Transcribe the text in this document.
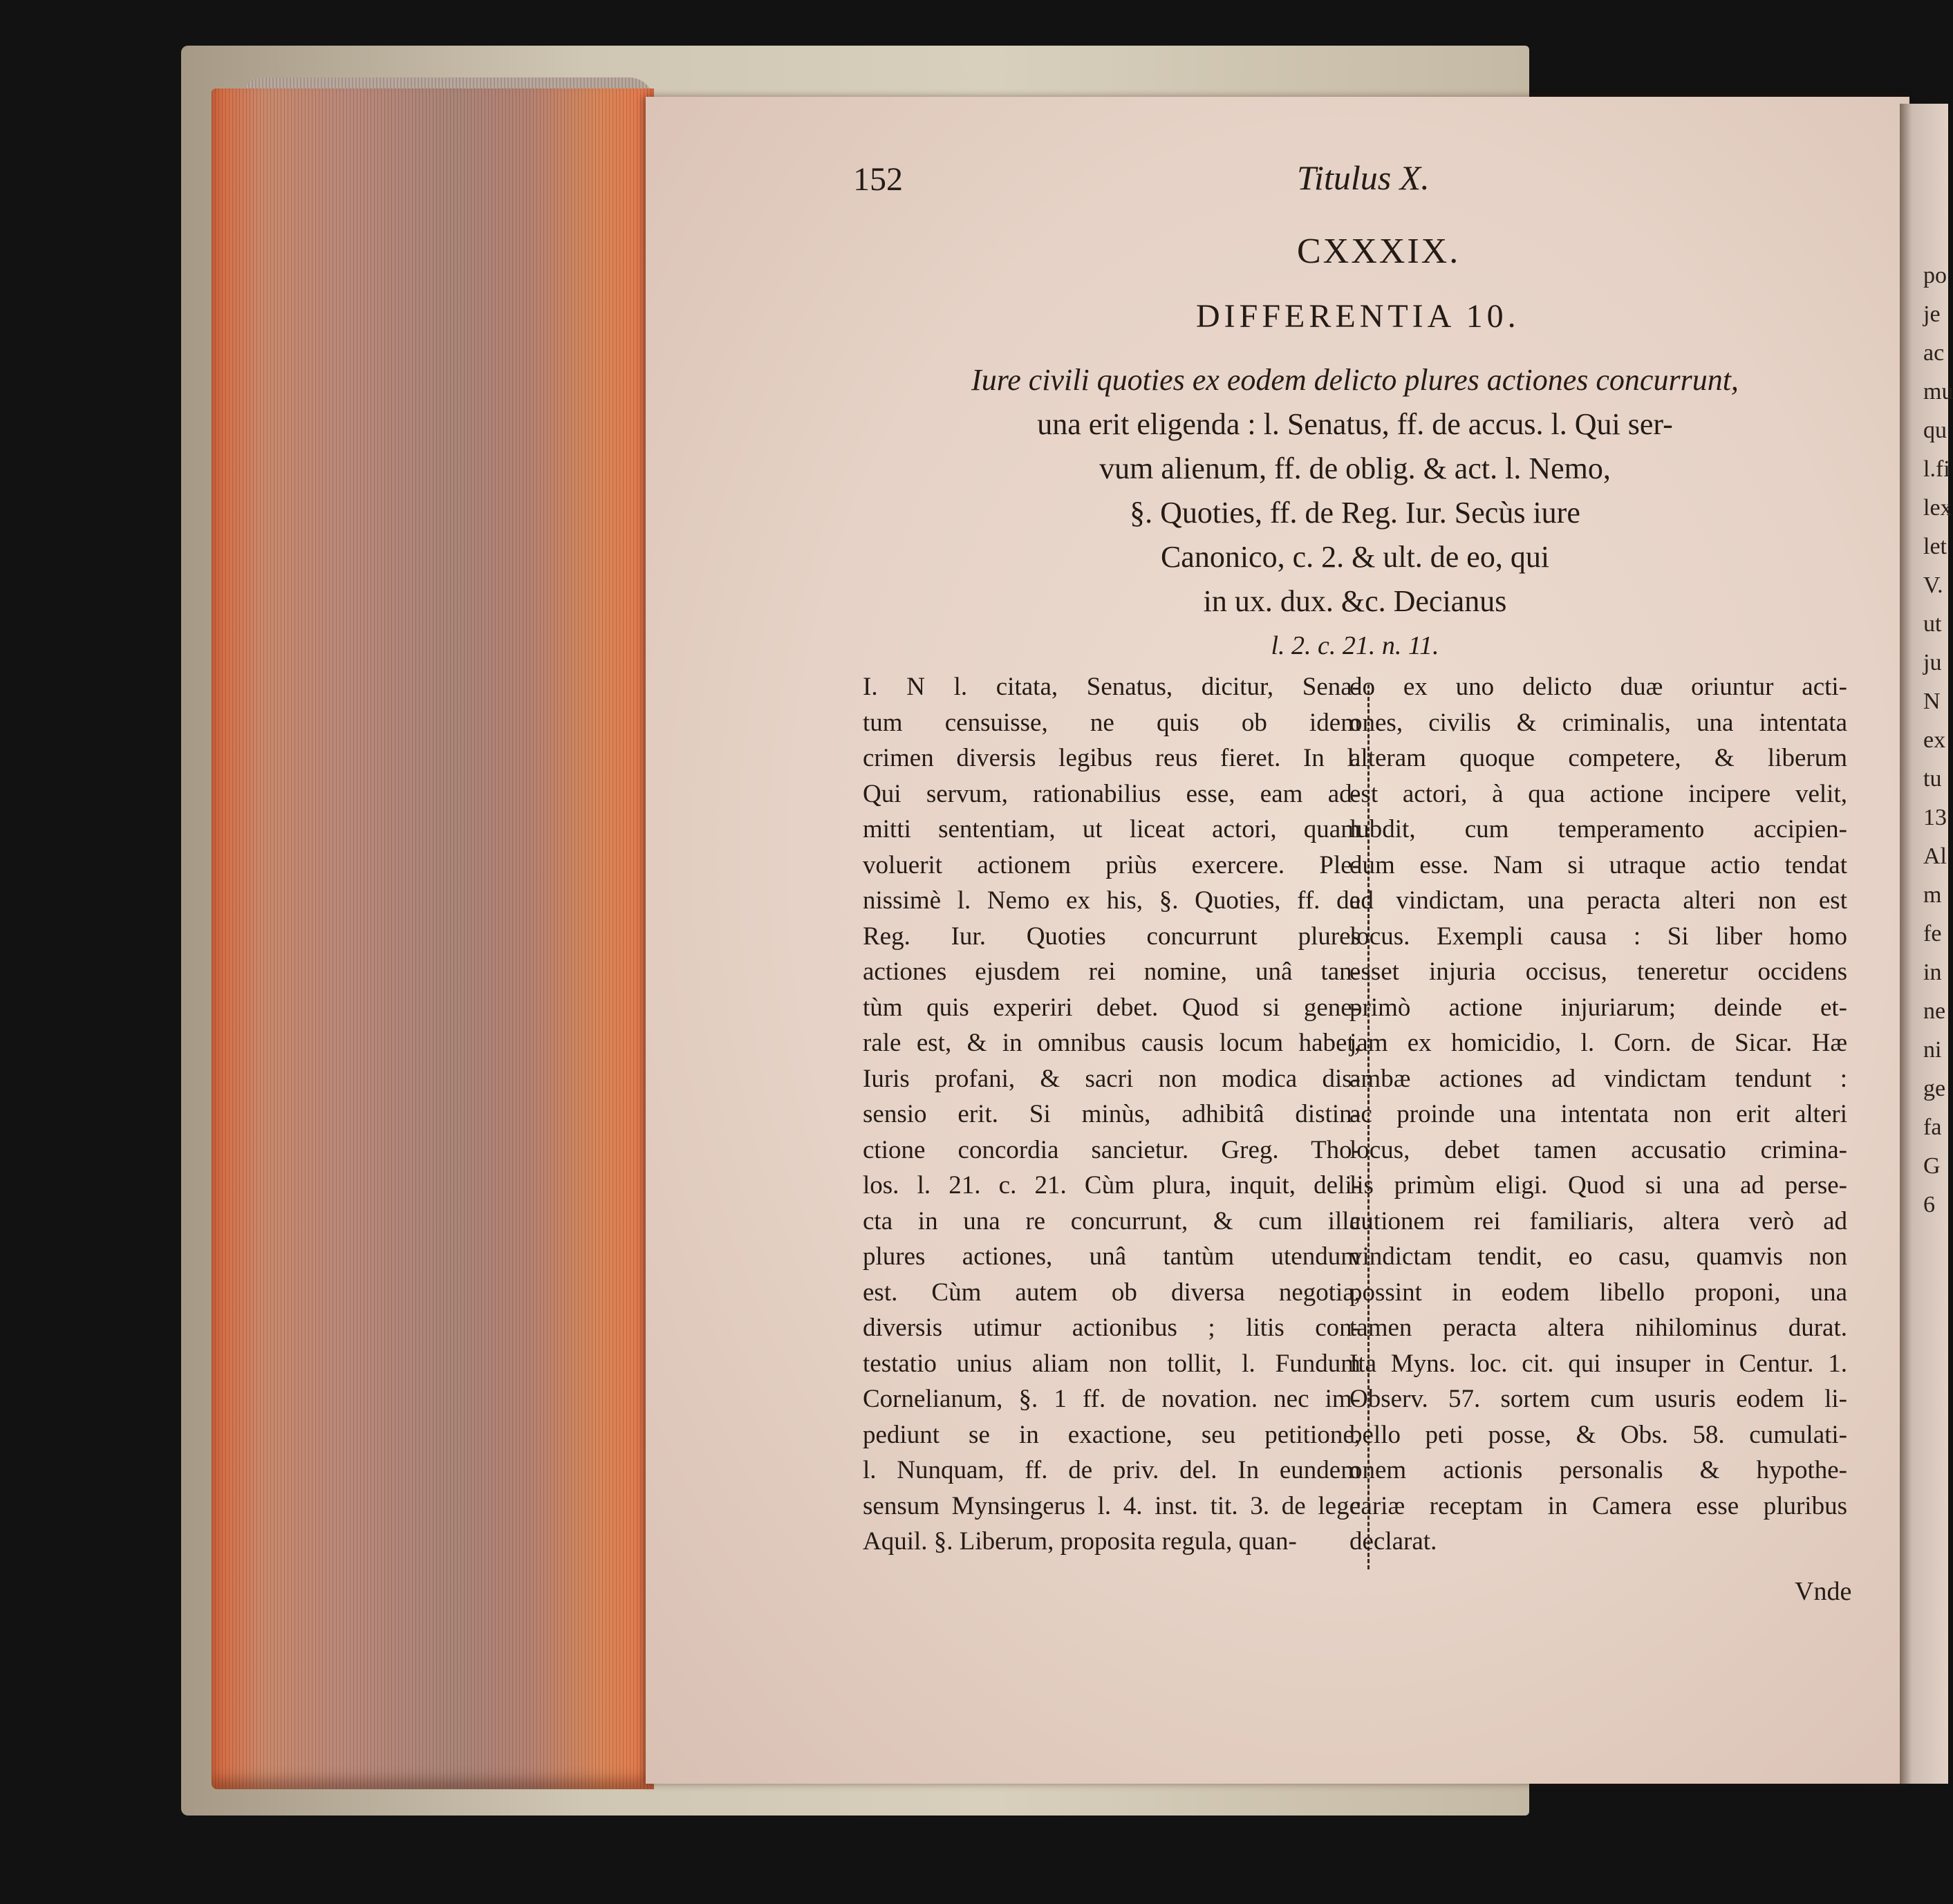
po
je
ac
mu
qu
l.fi
lex
let
V.
ut
ju
N
ex
tu
13
Al
m
fe
in
ne
ni
ge
fa
G
6
152	Titulus X.
CXXXIX.
DIFFERENTIA 10.
Iure civili quoties ex eodem delicto plures actiones concurrunt,
una erit eligenda : l. Senatus, ff. de accus. l. Qui ser-
vum alienum, ff. de oblig. & act. l. Nemo,
§. Quoties, ff. de Reg. Iur. Secùs iure
Canonico, c. 2. & ult. de eo, qui
in ux. dux. &c. Decianus
l. 2. c. 21. n. 11.
I. N l. citata, Senatus, dicitur, Sena-
tum censuisse, ne quis ob idem
crimen diversis legibus reus fieret. In l.
Qui servum, rationabilius esse, eam ad-
mitti sententiam, ut liceat actori, quam
voluerit actionem priùs exercere. Ple-
nissimè l. Nemo ex his, §. Quoties, ff. de
Reg. Iur. Quoties concurrunt plures
actiones ejusdem rei nomine, unâ tan-
tùm quis experiri debet. Quod si gene-
rale est, & in omnibus causis locum habet,
Iuris profani, & sacri non modica dis-
sensio erit. Si minùs, adhibitâ distin-
ctione concordia sancietur. Greg. Tho-
los. l. 21. c. 21. Cùm plura, inquit, deli-
cta in una re concurrunt, & cum illa
plures actiones, unâ tantùm utendum
est. Cùm autem ob diversa negotia,
diversis utimur actionibus ; litis con-
testatio unius aliam non tollit, l. Fundum
Cornelianum, §. 1 ff. de novation. nec im-
pediunt se in exactione, seu petitione,
l. Nunquam, ff. de priv. del. In eundem
sensum Mynsingerus l. 4. inst. tit. 3. de lege
Aquil. §. Liberum, proposita regula, quan-
do ex uno delicto duæ oriuntur acti-
ones, civilis & criminalis, una intentata
alteram quoque competere, & liberum
est actori, à qua actione incipere velit,
lubdit, cum temperamento accipien-
dum esse. Nam si utraque actio tendat
ad vindictam, una peracta alteri non est
locus. Exempli causa : Si liber homo
esset injuria occisus, teneretur occidens
primò actione injuriarum; deinde et-
jam ex homicidio, l. Corn. de Sicar. Hæ
ambæ actiones ad vindictam tendunt :
ac proinde una intentata non erit alteri
locus, debet tamen accusatio crimina-
lis primùm eligi. Quod si una ad perse-
cutionem rei familiaris, altera verò ad
vindictam tendit, eo casu, quamvis non
possint in eodem libello proponi, una
tamen peracta altera nihilominus durat.
Ita Myns. loc. cit. qui insuper in Centur. 1.
Observ. 57. sortem cum usuris eodem li-
bello peti posse, & Obs. 58. cumulati-
onem actionis personalis & hypothe-
cariæ receptam in Camera esse pluribus
declarat.
Vnde
